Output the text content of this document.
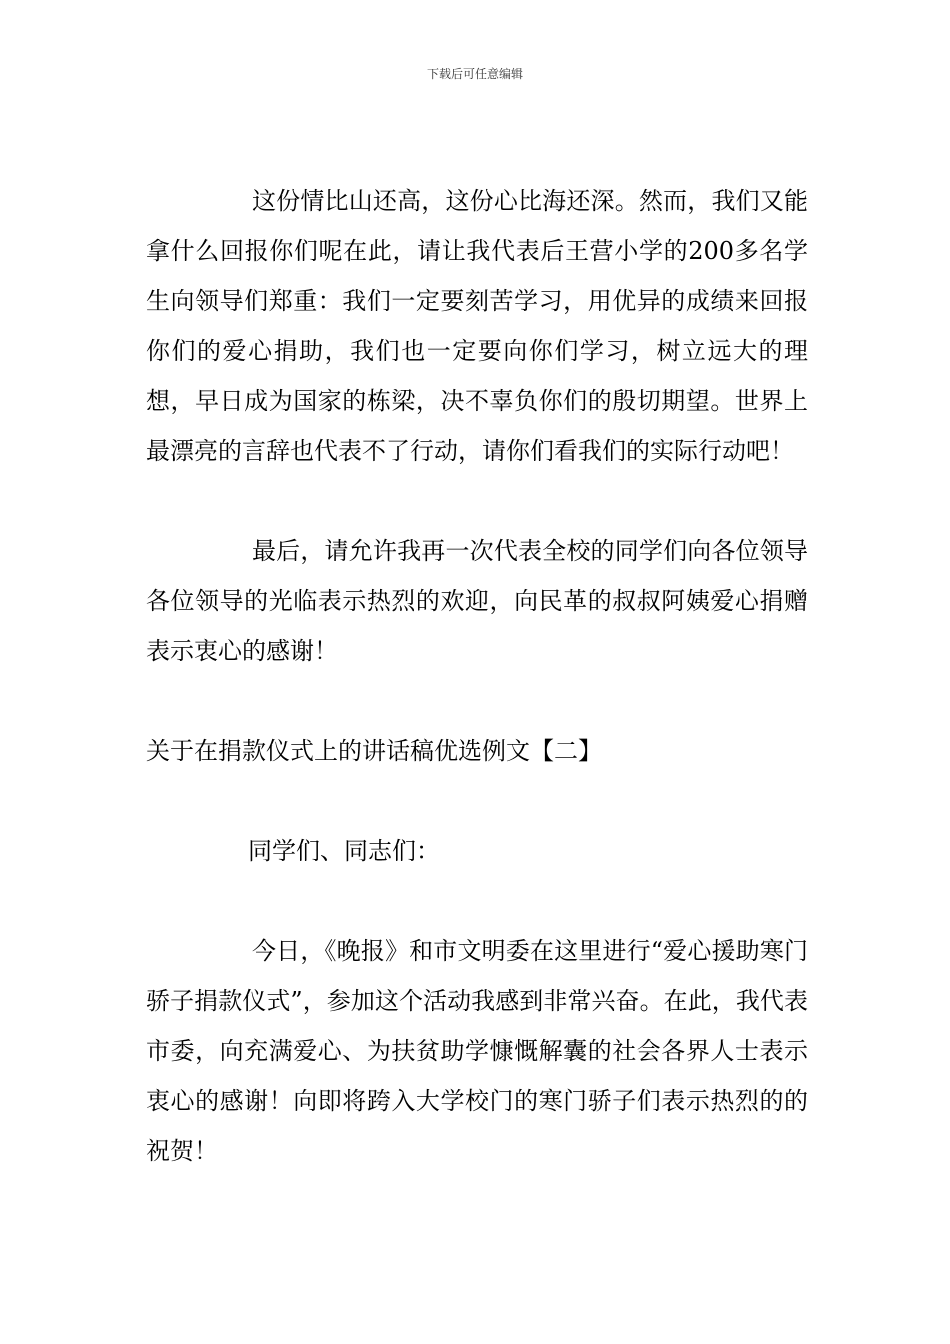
下载后可任意编辑

这份情比山还高，这份心比海还深。然而，我们又能拿什么回报你们呢在此，请让我代表后王营小学的200多名学生向领导们郑重：我们一定要刻苦学习，用优异的成绩来回报你们的爱心捐助，我们也一定要向你们学习，树立远大的理想，早日成为国家的栋梁，决不辜负你们的殷切期望。世界上最漂亮的言辞也代表不了行动，请你们看我们的实际行动吧！

最后，请允许我再一次代表全校的同学们向各位领导各位领导的光临表示热烈的欢迎，向民革的叔叔阿姨爱心捐赠表示衷心的感谢！

关于在捐款仪式上的讲话稿优选例文【二】

同学们、同志们：

今日，《晚报》和市文明委在这里进行“爱心援助寒门骄子捐款仪式”，参加这个活动我感到非常兴奋。在此，我代表市委，向充满爱心、为扶贫助学慷慨解囊的社会各界人士表示衷心的感谢！向即将跨入大学校门的寒门骄子们表示热烈的的祝贺！
